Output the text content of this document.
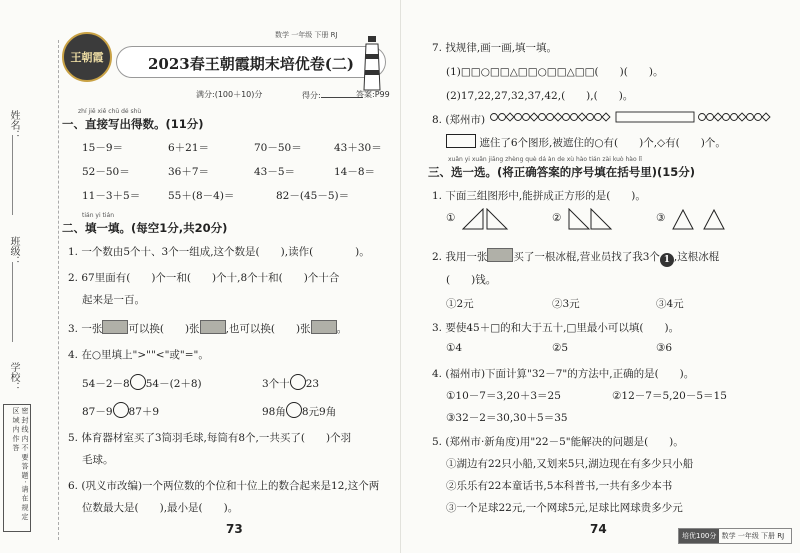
姓名：
班级：
学校：
密 封 线 内 不 要 答 题 · 请 在 规 定 区 域 内 作 答
王朝霞
数学 一年级 下册 RJ
2023春王朝霞期末培优卷(二)
满分:(100＋10)分	得分:	答案:P99
zhí jiē xiě chū dé shù
一、直接写出得数。(11分)
15－9＝	6＋21＝	70－50＝	43＋30＝
52－50＝	36＋7＝	43－5＝	14－8＝
11－3＋5＝	55＋(8－4)＝	82－(45－5)＝
tián yi tián
二、填一填。(每空1分,共20分)
1. 一个数由5个十、3个一组成,这个数是(　　),读作(　　　　)。
2. 67里面有(　　)个一和(　　)个十,8个十和(　　)个十合
起来是一百。
3. 一张 可以换(　　)张 ,也可以换(　　)张 。
4. 在○里填上">""<"或"="。
54－2－8 54－(2＋8)	3个十 23
87－9 87＋9	98角 8元9角
5. 体育器材室买了3筒羽毛球,每筒有8个,一共买了(　　)个羽
毛球。
6. (巩义市改编)一个两位数的个位和十位上的数合起来是12,这个两
位数最大是(　　),最小是(　　)。
73
7. 找规律,画一画,填一填。
(1)□□○□□△□□○□□△□□(　　)(　　)。
(2)17,22,27,32,37,42,(　　),(　　)。
8. (郑州市)
遮住了6个图形,被遮住的○有(　　)个,◇有(　　)个。
xuǎn yi xuǎn jiāng zhèng què dá àn de xù hào tián zài kuò hào lǐ
三、选一选。(将正确答案的序号填在括号里)(15分)
1. 下面三组图形中,能拼成正方形的是(　　)。
①	②	③
2. 我用一张 买了一根冰棍,营业员找了我3个 1 ,这根冰棍
(　　)钱。
①2元	②3元	③4元
3. 要使45＋□的和大于五十,□里最小可以填(　　)。
①4	②5	③6
4. (福州市)下面计算"32－7"的方法中,正确的是(　　)。
①10－7＝3,20＋3＝25	②12－7＝5,20－5＝15
③32－2＝30,30＋5＝35
5. (郑州市·新角度)用"22－5"能解决的问题是(　　)。
①湖边有22只小船,又划来5只,湖边现在有多少只小船
②乐乐有22本童话书,5本科普书,一共有多少本书
③一个足球22元,一个网球5元,足球比网球贵多少元
74	培优100分 数学 一年级 下册 RJ
